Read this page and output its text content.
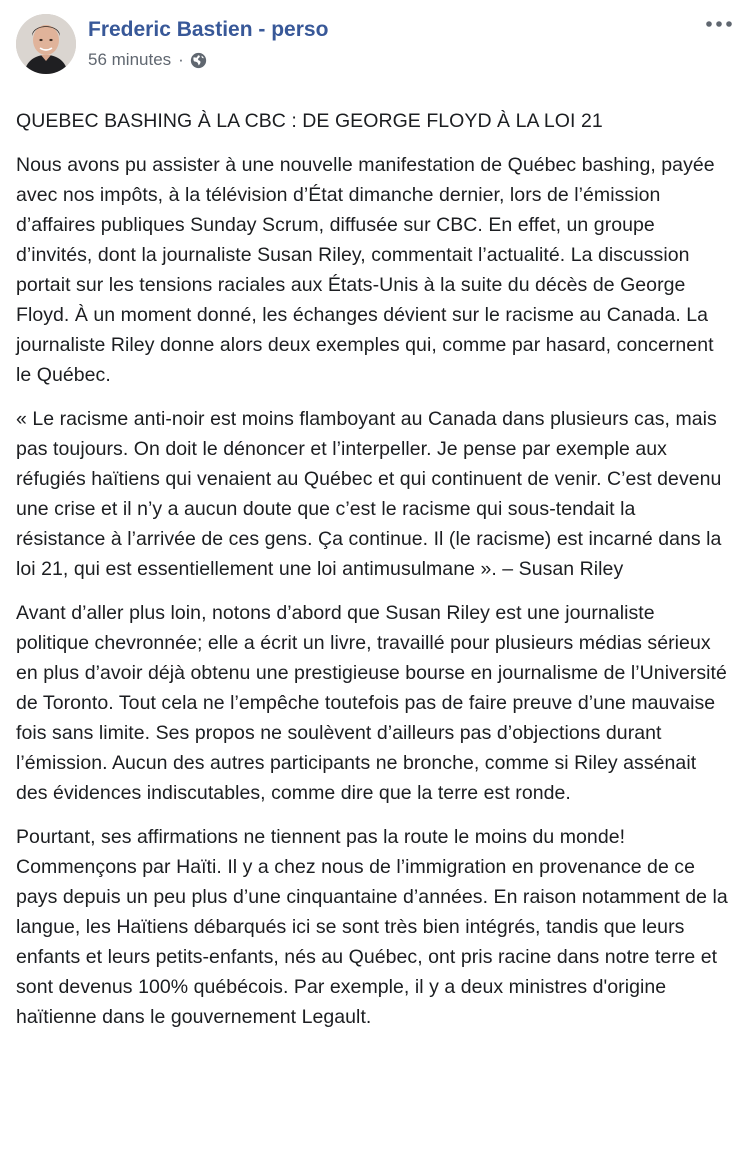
Frederic Bastien - perso
56 minutes ·

QUEBEC BASHING À LA CBC : DE GEORGE FLOYD À LA LOI 21

Nous avons pu assister à une nouvelle manifestation de Québec bashing, payée avec nos impôts, à la télévision d’État dimanche dernier, lors de l’émission d’affaires publiques Sunday Scrum, diffusée sur CBC. En effet, un groupe d’invités, dont la journaliste Susan Riley, commentait l’actualité. La discussion portait sur les tensions raciales aux États-Unis à la suite du décès de George Floyd. À un moment donné, les échanges dévient sur le racisme au Canada. La journaliste Riley donne alors deux exemples qui, comme par hasard, concernent le Québec.

« Le racisme anti-noir est moins flamboyant au Canada dans plusieurs cas, mais pas toujours. On doit le dénoncer et l’interpeller. Je pense par exemple aux réfugiés haïtiens qui venaient au Québec et qui continuent de venir. C’est devenu une crise et il n’y a aucun doute que c’est le racisme qui sous-tendait la résistance à l’arrivée de ces gens. Ça continue. Il (le racisme) est incarné dans la loi 21, qui est essentiellement une loi antimusulmane ». – Susan Riley

Avant d’aller plus loin, notons d’abord que Susan Riley est une journaliste politique chevronnée; elle a écrit un livre, travaillé pour plusieurs médias sérieux en plus d’avoir déjà obtenu une prestigieuse bourse en journalisme de l’Université de Toronto. Tout cela ne l’empêche toutefois pas de faire preuve d’une mauvaise fois sans limite. Ses propos ne soulèvent d’ailleurs pas d’objections durant l’émission. Aucun des autres participants ne bronche, comme si Riley assénait des évidences indiscutables, comme dire que la terre est ronde.

Pourtant, ses affirmations ne tiennent pas la route le moins du monde! Commençons par Haïti. Il y a chez nous de l’immigration en provenance de ce pays depuis un peu plus d’une cinquantaine d’années. En raison notamment de la langue, les Haïtiens débarqués ici se sont très bien intégrés, tandis que leurs enfants et leurs petits-enfants, nés au Québec, ont pris racine dans notre terre et sont devenus 100% québécois. Par exemple, il y a deux ministres d'origine haïtienne dans le gouvernement Legault.
